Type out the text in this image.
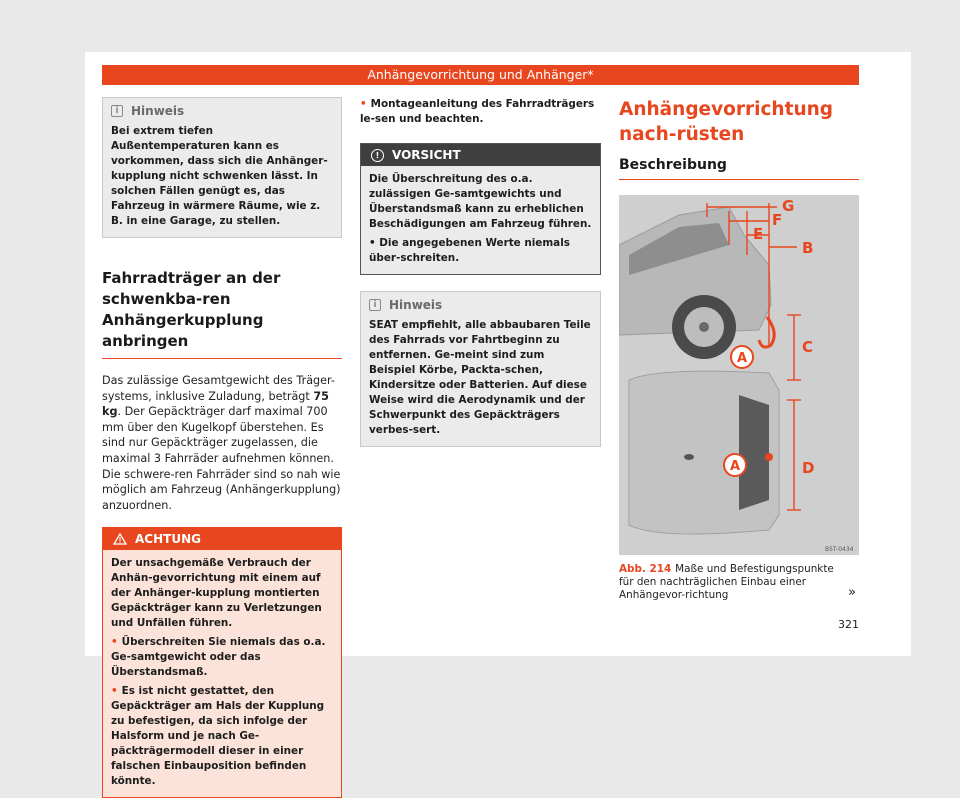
Anhängevorrichtung und Anhänger*
i	Hinweis
Bei extrem tiefen Außentemperaturen kann es vorkommen, dass sich die Anhänger-kupplung nicht schwenken lässt. In solchen Fällen genügt es, das Fahrzeug in wärmere Räume, wie z. B. in eine Garage, zu stellen.
Fahrradträger an der schwenkba-ren Anhängerkupplung anbringen
Das zulässige Gesamtgewicht des Träger-systems, inklusive Zuladung, beträgt 75 kg. Der Gepäckträger darf maximal 700 mm über den Kugelkopf überstehen. Es sind nur Gepäckträger zugelassen, die maximal 3 Fahrräder aufnehmen können. Die schwere-ren Fahrräder sind so nah wie möglich am Fahrzeug (Anhängerkupplung) anzuordnen.
ACHTUNG
Der unsachgemäße Verbrauch der Anhän-gevorrichtung mit einem auf der Anhänger-kupplung montierten Gepäckträger kann zu Verletzungen und Unfällen führen.
• Überschreiten Sie niemals das o.a. Ge-samtgewicht oder das Überstandsmaß.
• Es ist nicht gestattet, den Gepäckträger am Hals der Kupplung zu befestigen, da sich infolge der Halsform und je nach Ge-päckträgermodell dieser in einer falschen Einbauposition befinden könnte.
• Montageanleitung des Fahrradträgers le-sen und beachten.
!	VORSICHT
Die Überschreitung des o.a. zulässigen Ge-samtgewichts und Überstandsmaß kann zu erheblichen Beschädigungen am Fahrzeug führen.
• Die angegebenen Werte niemals über-schreiten.
i	Hinweis
SEAT empfiehlt, alle abbaubaren Teile des Fahrrads vor Fahrtbeginn zu entfernen. Ge-meint sind zum Beispiel Körbe, Packta-schen, Kindersitze oder Batterien. Auf diese Weise wird die Aerodynamik und der Schwerpunkt des Gepäckträgers verbes-sert.
Anhängevorrichtung nach-rüsten
Beschreibung
G
F
E
B
C
D
A
A
B5T-0434
Abb. 214 Maße und Befestigungspunkte für den nachträglichen Einbau einer Anhängevor-richtung	»
321
